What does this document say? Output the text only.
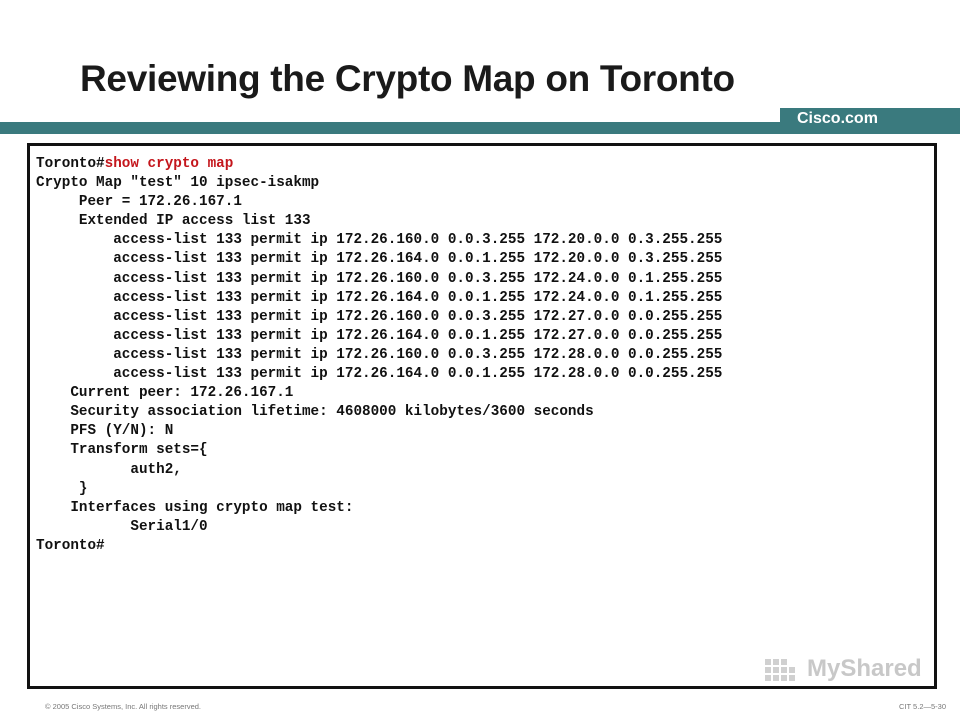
Reviewing the Crypto Map on Toronto
Cisco.com
Toronto#show crypto map
Crypto Map "test" 10 ipsec-isakmp
Peer = 172.26.167.1
Extended IP access list 133
access-list 133 permit ip 172.26.160.0 0.0.3.255 172.20.0.0 0.3.255.255
access-list 133 permit ip 172.26.164.0 0.0.1.255 172.20.0.0 0.3.255.255
access-list 133 permit ip 172.26.160.0 0.0.3.255 172.24.0.0 0.1.255.255
access-list 133 permit ip 172.26.164.0 0.0.1.255 172.24.0.0 0.1.255.255
access-list 133 permit ip 172.26.160.0 0.0.3.255 172.27.0.0 0.0.255.255
access-list 133 permit ip 172.26.164.0 0.0.1.255 172.27.0.0 0.0.255.255
access-list 133 permit ip 172.26.160.0 0.0.3.255 172.28.0.0 0.0.255.255
access-list 133 permit ip 172.26.164.0 0.0.1.255 172.28.0.0 0.0.255.255
Current peer: 172.26.167.1
Security association lifetime: 4608000 kilobytes/3600 seconds
PFS (Y/N): N
Transform sets={
auth2,
}
Interfaces using crypto map test:
Serial1/0
Toronto#
MyShared
© 2005 Cisco Systems, Inc. All rights reserved.	CIT 5.2—5-30
